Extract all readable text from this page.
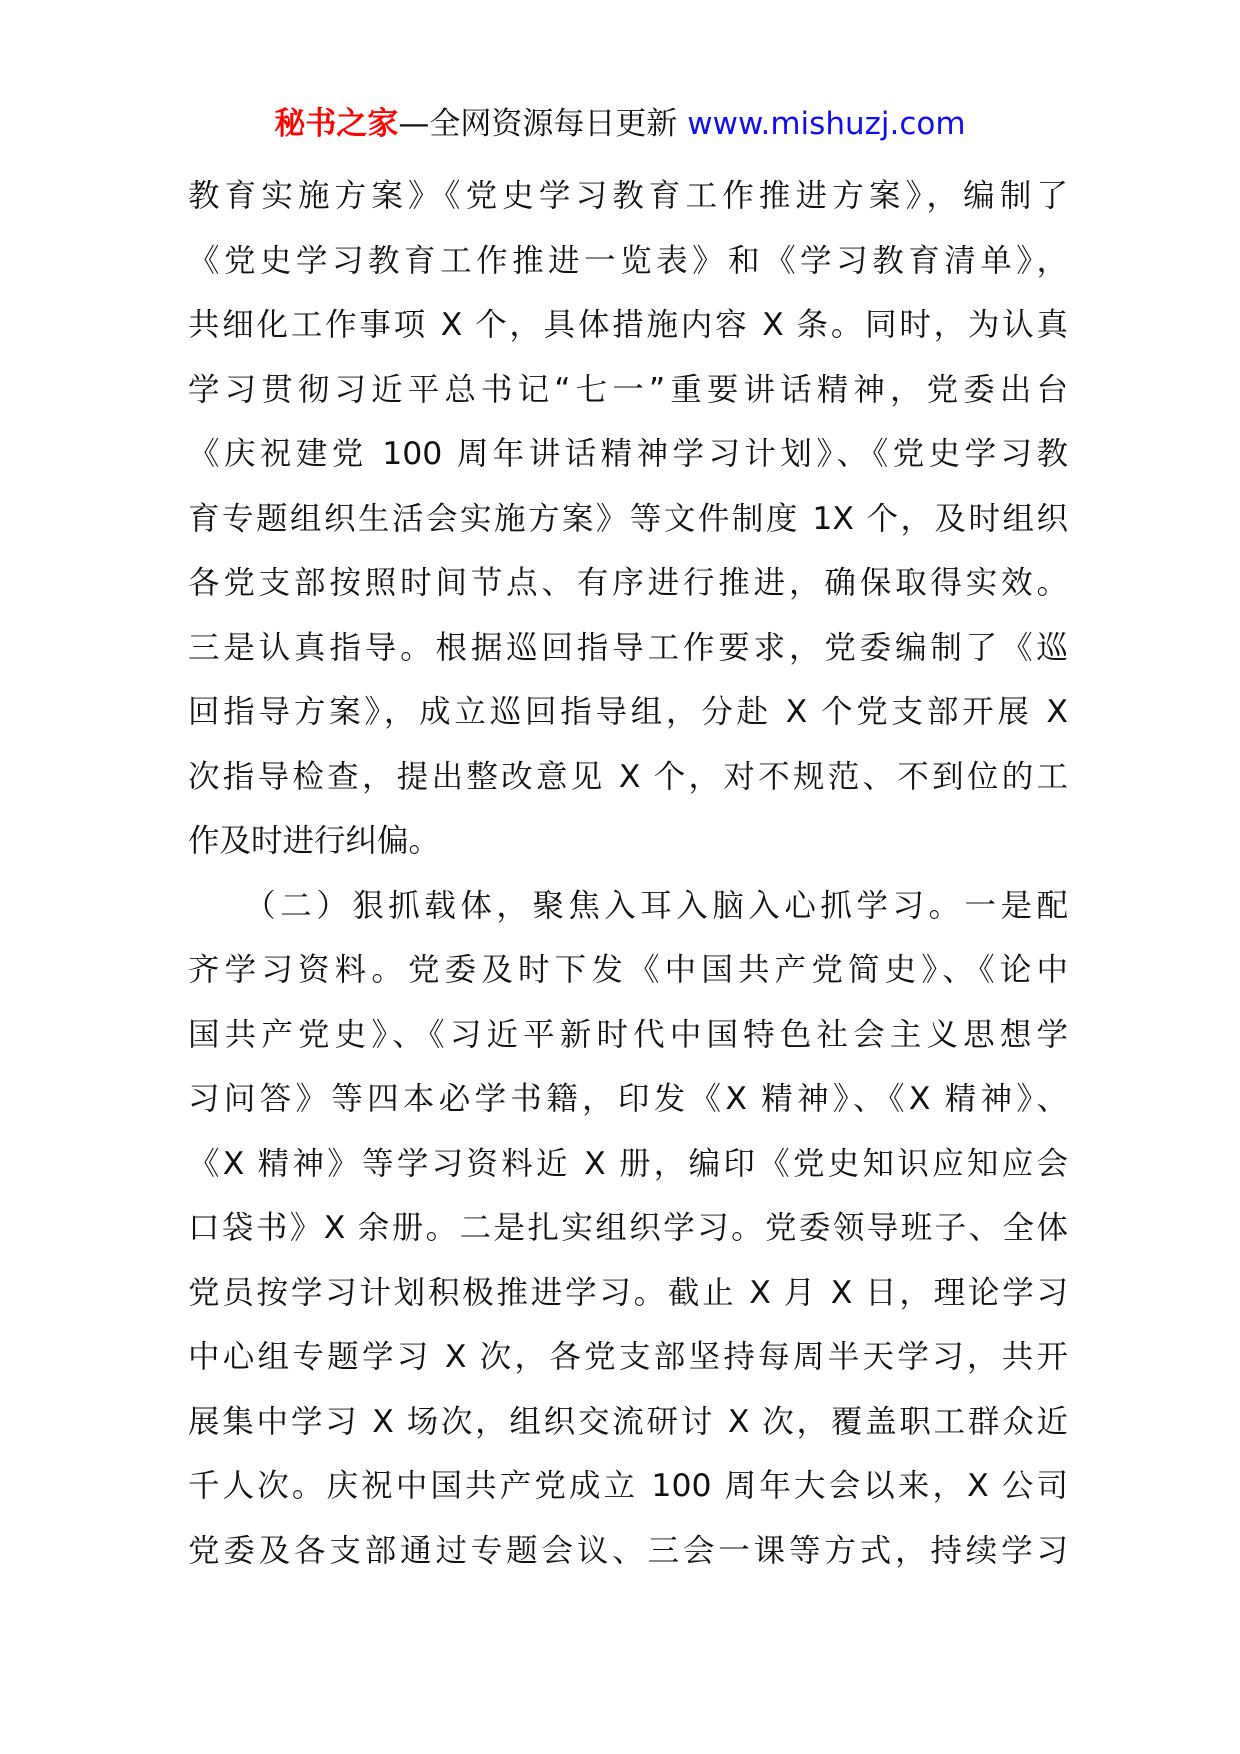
秘书之家—全网资源每日更新 www.mishuzj.com
教育实施方案》《党史学习教育工作推进方案》，编制了
《党史学习教育工作推进一览表》和《学习教育清单》，
共细化工作事项 X 个，具体措施内容 X 条。同时，为认真
学习贯彻习近平总书记“七一”重要讲话精神，党委出台
《庆祝建党 100 周年讲话精神学习计划》、《党史学习教
育专题组织生活会实施方案》等文件制度 1X 个，及时组织
各党支部按照时间节点、有序进行推进，确保取得实效。
三是认真指导。根据巡回指导工作要求，党委编制了《巡
回指导方案》，成立巡回指导组，分赴 X 个党支部开展 X
次指导检查，提出整改意见 X 个，对不规范、不到位的工
作及时进行纠偏。
　　（二）狠抓载体，聚焦入耳入脑入心抓学习。一是配
齐学习资料。党委及时下发《中国共产党简史》、《论中
国共产党史》、《习近平新时代中国特色社会主义思想学
习问答》等四本必学书籍，印发《X 精神》、《X 精神》、
《X 精神》等学习资料近 X 册，编印《党史知识应知应会
口袋书》X 余册。二是扎实组织学习。党委领导班子、全体
党员按学习计划积极推进学习。截止 X 月 X 日，理论学习
中心组专题学习 X 次，各党支部坚持每周半天学习，共开
展集中学习 X 场次，组织交流研讨 X 次，覆盖职工群众近
千人次。庆祝中国共产党成立 100 周年大会以来，X 公司
党委及各支部通过专题会议、三会一课等方式，持续学习
